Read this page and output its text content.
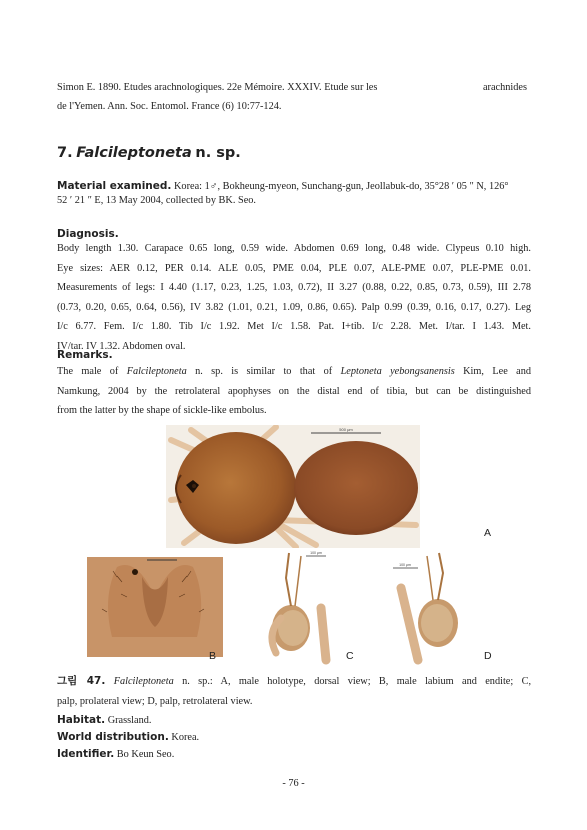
Simon E. 1890. Etudes arachnologiques. 22e Mémoire. XXXIV. Etude sur les	arachnides
de l'Yemen. Ann. Soc. Entomol. France (6) 10:77-124.
7. Falcileptoneta n. sp.
Material examined. Korea: 1♂, Bokheung-myeon, Sunchang-gun, Jeollabuk-do, 35°28 ′ 05 ″ N, 126°
52 ′ 21 ″ E, 13 May 2004, collected by BK. Seo.
Diagnosis.
Body length 1.30. Carapace 0.65 long, 0.59 wide. Abdomen 0.69 long, 0.48 wide. Clypeus 0.10 high.
Eye sizes: AER 0.12, PER 0.14. ALE 0.05, PME 0.04, PLE 0.07, ALE-PME 0.07, PLE-PME 0.01.
Measurements of legs: I 4.40 (1.17, 0.23, 1.25, 1.03, 0.72), II 3.27 (0.88, 0.22, 0.85, 0.73, 0.59), III 2.78
(0.73, 0.20, 0.65, 0.64, 0.56), IV 3.82 (1.01, 0.21, 1.09, 0.86, 0.65). Palp 0.99 (0.39, 0.16, 0.17, 0.27). Leg
I/c 6.77. Fem. I/c 1.80. Tib I/c 1.92. Met I/c 1.58. Pat. I+tib. I/c 2.28. Met. I/tar. I 1.43. Met.
IV/tar. IV 1.32. Abdomen oval.
Remarks.
The male of Falcileptoneta n. sp. is similar to that of Leptoneta yebongsanensis Kim, Lee and
Namkung, 2004 by the retrolateral apophyses on the distal end of tibia, but can be distinguished
from the latter by the shape of sickle-like embolus.
500 μm
A
B
100 μm
C
100 μm
D
그림 47. Falcileptoneta n. sp.: A, male holotype, dorsal view; B, male labium and endite; C,
palp, prolateral view; D, palp, retrolateral view.
Habitat. Grassland.
World distribution. Korea.
Identifier. Bo Keun Seo.
- 76 -
